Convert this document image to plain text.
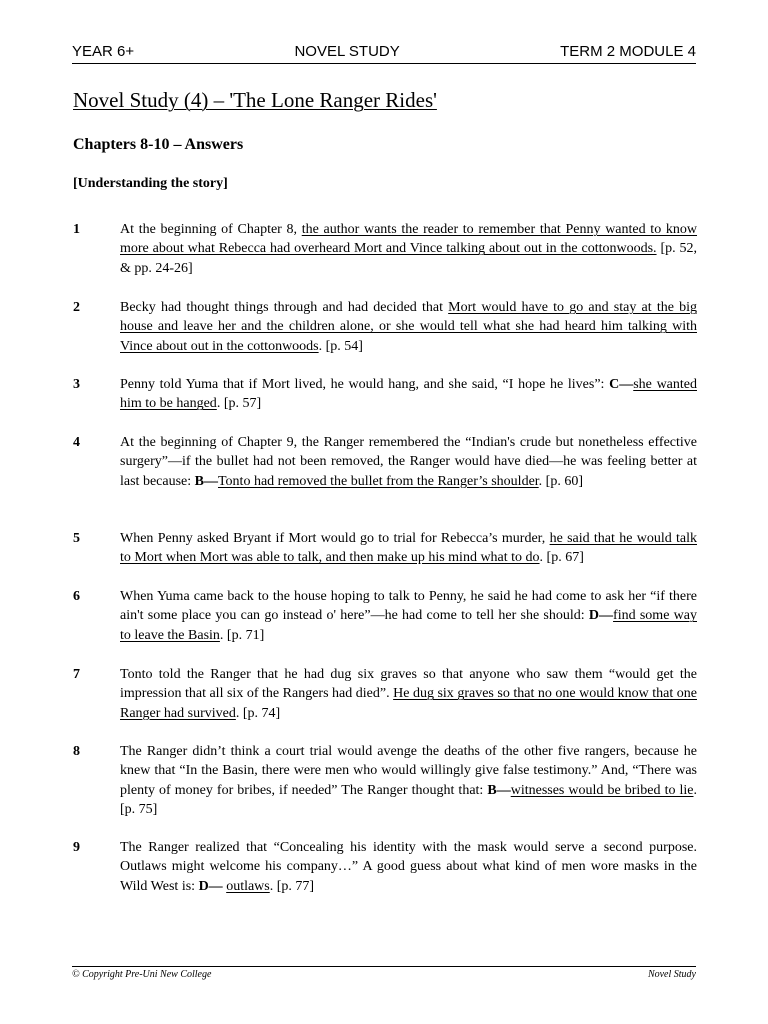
YEAR 6+	NOVEL STUDY	TERM 2 MODULE 4
Novel Study (4) – 'The Lone Ranger Rides'
Chapters 8-10 – Answers
[Understanding the story]
1	At the beginning of Chapter 8, the author wants the reader to remember that Penny wanted to know more about what Rebecca had overheard Mort and Vince talking about out in the cottonwoods. [p. 52, & pp. 24-26]
2	Becky had thought things through and had decided that Mort would have to go and stay at the big house and leave her and the children alone, or she would tell what she had heard him talking with Vince about out in the cottonwoods. [p. 54]
3	Penny told Yuma that if Mort lived, he would hang, and she said, “I hope he lives”: C—she wanted him to be hanged. [p. 57]
4	At the beginning of Chapter 9, the Ranger remembered the “Indian's crude but nonetheless effective surgery”—if the bullet had not been removed, the Ranger would have died—he was feeling better at last because: B—Tonto had removed the bullet from the Ranger’s shoulder. [p. 60]
5	When Penny asked Bryant if Mort would go to trial for Rebecca’s murder, he said that he would talk to Mort when Mort was able to talk, and then make up his mind what to do. [p. 67]
6	When Yuma came back to the house hoping to talk to Penny, he said he had come to ask her “if there ain't some place you can go instead o' here”—he had come to tell her she should: D—find some way to leave the Basin. [p. 71]
7	Tonto told the Ranger that he had dug six graves so that anyone who saw them “would get the impression that all six of the Rangers had died”. He dug six graves so that no one would know that one Ranger had survived. [p. 74]
8	The Ranger didn’t think a court trial would avenge the deaths of the other five rangers, because he knew that “In the Basin, there were men who would willingly give false testimony.” And, “There was plenty of money for bribes, if needed” The Ranger thought that: B—witnesses would be bribed to lie. [p. 75]
9	The Ranger realized that “Concealing his identity with the mask would serve a second purpose. Outlaws might welcome his company…” A good guess about what kind of men wore masks in the Wild West is: D— outlaws. [p. 77]
© Copyright Pre-Uni New College	Novel Study
